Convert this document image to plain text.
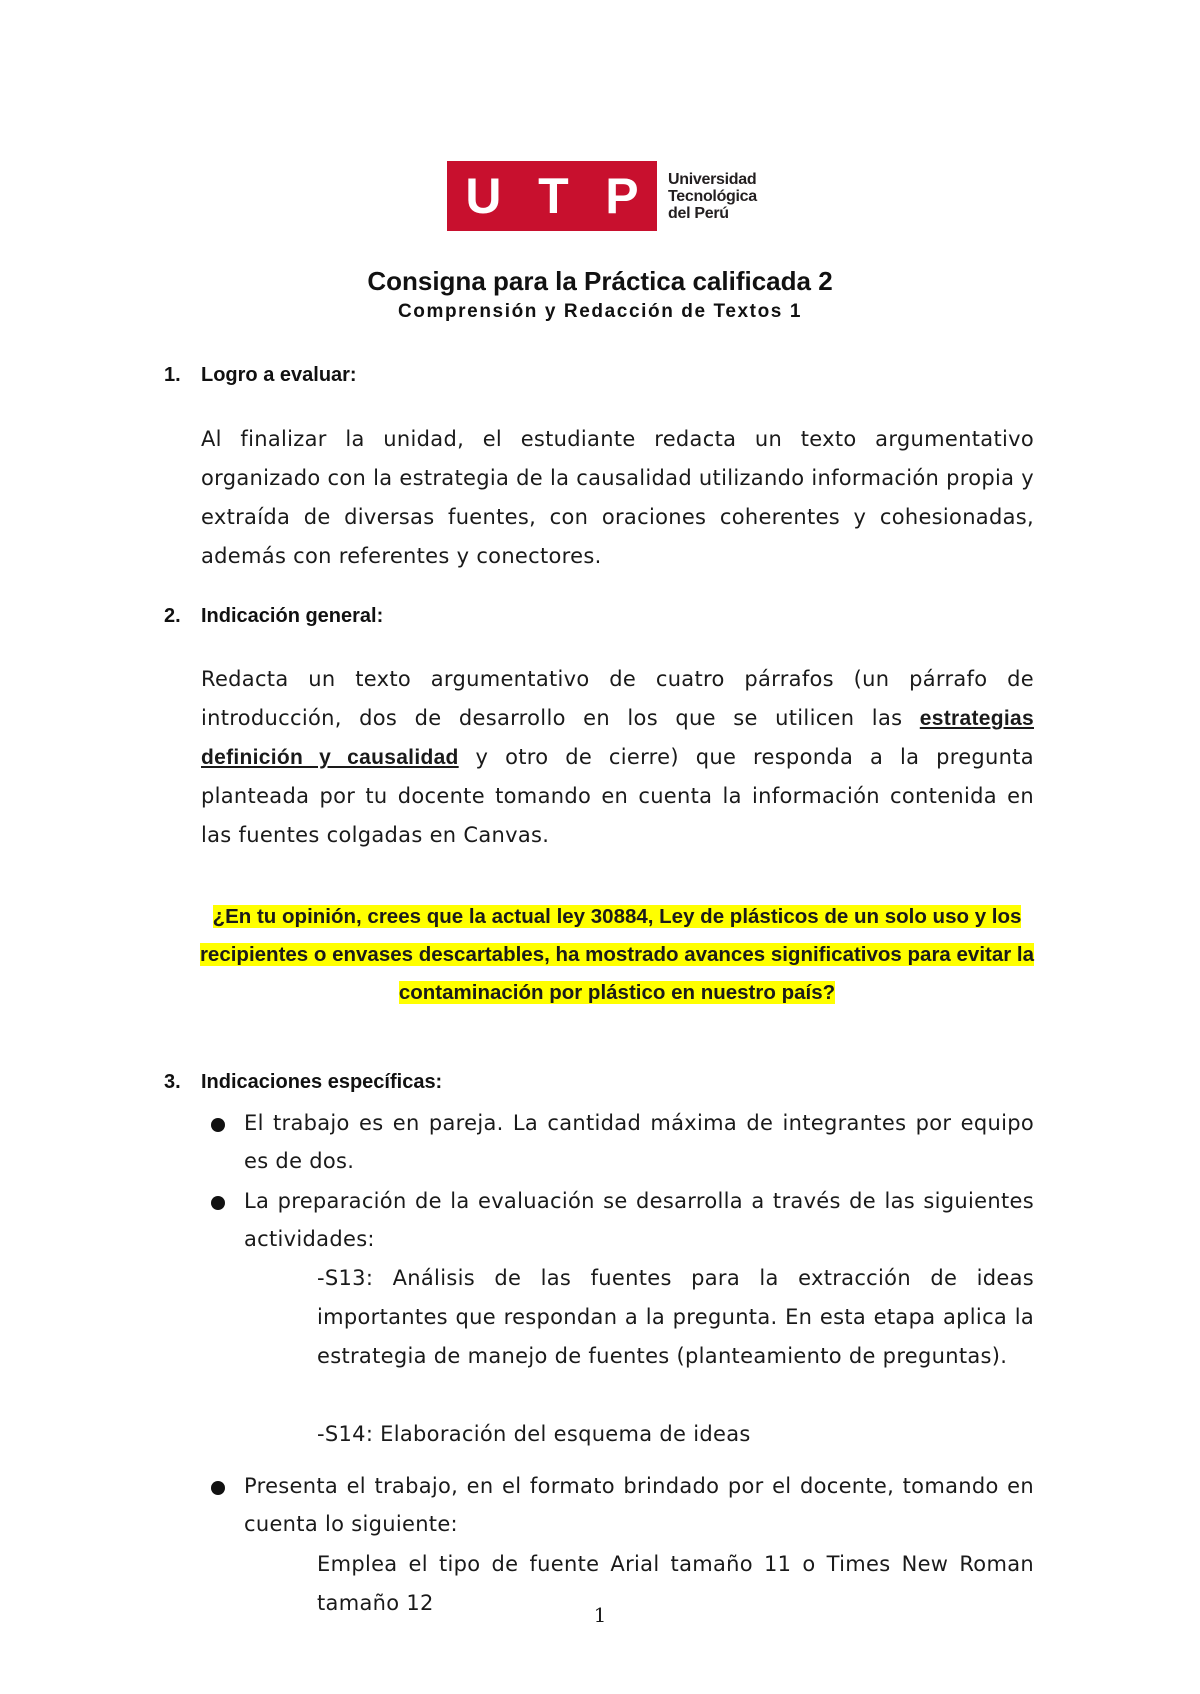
U T P Universidad
Tecnológica
del Perú
Consigna para la Práctica calificada 2
Comprensión y Redacción de Textos 1
1. Logro a evaluar:
Al finalizar la unidad, el estudiante redacta un texto argumentativo organizado con la estrategia de la causalidad utilizando información propia y extraída de diversas fuentes, con oraciones coherentes y cohesionadas, además con referentes y conectores.
2. Indicación general:
Redacta un texto argumentativo de cuatro párrafos (un párrafo de introducción, dos de desarrollo en los que se utilicen las estrategias definición y causalidad y otro de cierre) que responda a la pregunta planteada por tu docente tomando en cuenta la información contenida en las fuentes colgadas en Canvas.
¿En tu opinión, crees que la actual ley 30884, Ley de plásticos de un solo uso y los recipientes o envases descartables, ha mostrado avances significativos para evitar la contaminación por plástico en nuestro país?
3. Indicaciones específicas:
El trabajo es en pareja. La cantidad máxima de integrantes por equipo es de dos.
La preparación de la evaluación se desarrolla a través de las siguientes actividades:
-S13: Análisis de las fuentes para la extracción de ideas importantes que respondan a la pregunta. En esta etapa aplica la estrategia de manejo de fuentes (planteamiento de preguntas).
-S14: Elaboración del esquema de ideas
Presenta el trabajo, en el formato brindado por el docente, tomando en cuenta lo siguiente:
Emplea el tipo de fuente Arial tamaño 11 o Times New Roman tamaño 12	1
